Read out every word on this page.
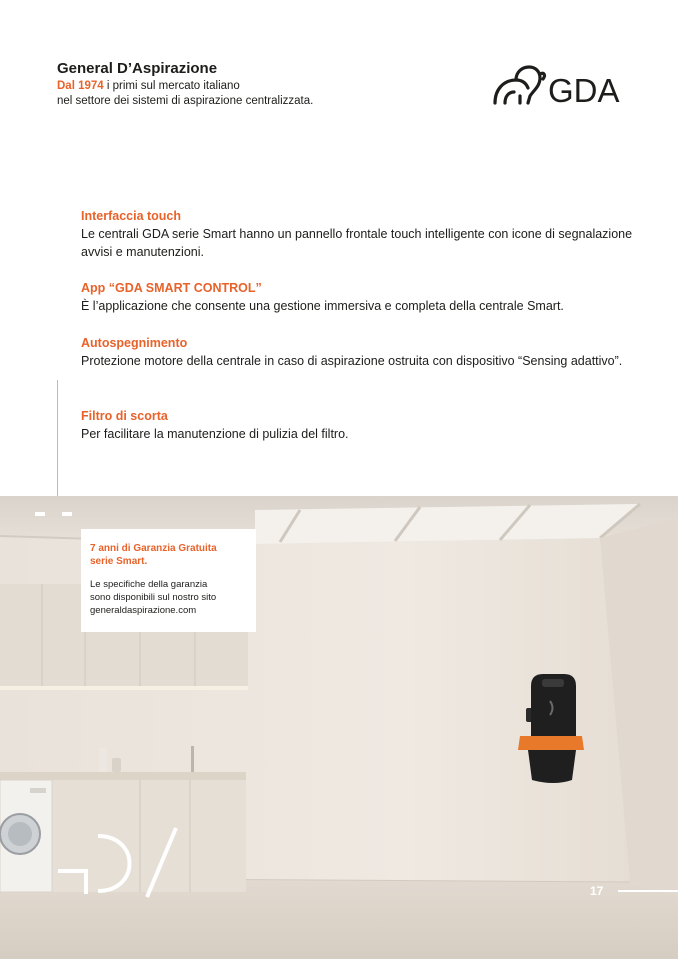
General D’Aspirazione
Dal 1974 i primi sul mercato italiano
nel settore dei sistemi di aspirazione centralizzata.	GDA
Interfaccia touch

Le centrali GDA serie Smart hanno un pannello frontale touch intelligente con icone di segnalazione avvisi e manutenzioni.

App “GDA SMART CONTROL”

È l’applicazione che consente una gestione immersiva e completa della centrale Smart.

Autospegnimento

Protezione motore della centrale in caso di aspirazione ostruita con dispositivo “Sensing adattivo”.

Filtro di scorta

Per facilitare la manutenzione di pulizia del filtro.

7 anni di Garanzia Gratuita
serie Smart.
Le specifiche della garanzia
sono disponibili sul nostro sito
generaldaspirazione.com
17
